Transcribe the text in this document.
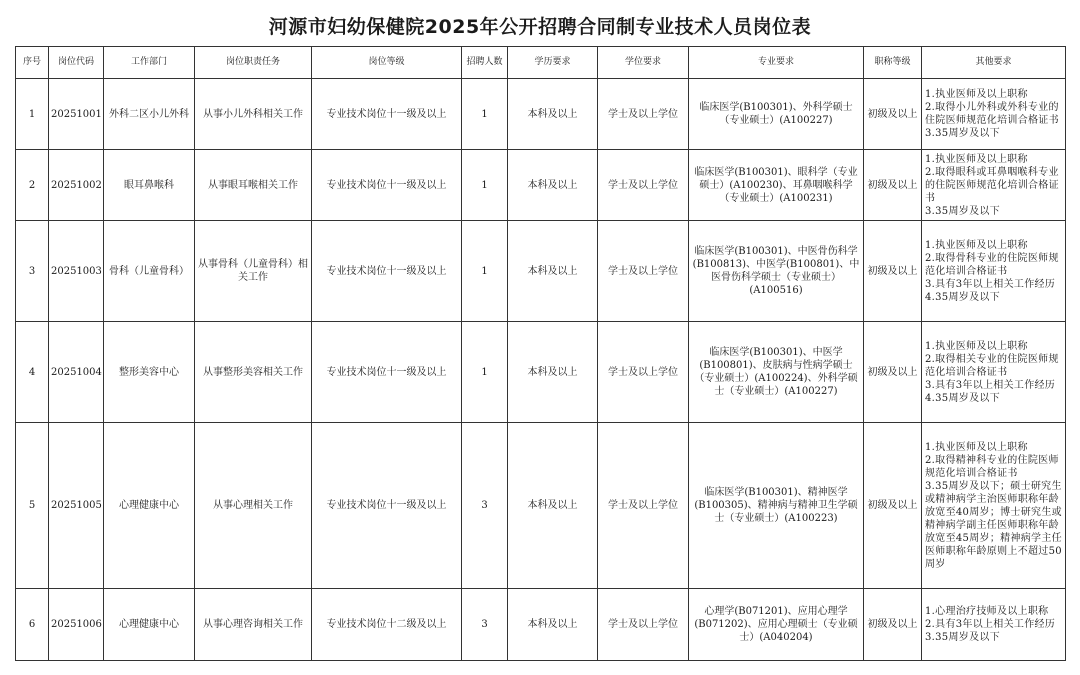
河源市妇幼保健院2025年公开招聘合同制专业技术人员岗位表
序号	岗位代码	工作部门	岗位职责任务	岗位等级	招聘人数	学历要求	学位要求	专业要求	职称等级	其他要求
1	20251001	外科二区小儿外科	从事小儿外科相关工作	专业技术岗位十一级及以上	1	本科及以上	学士及以上学位	临床医学(B100301)、外科学硕士（专业硕士）(A100227)	初级及以上	1.执业医师及以上职称
2.取得小儿外科或外科专业的住院医师规范化培训合格证书
3.35周岁及以下

2	20251002	眼耳鼻喉科	从事眼耳喉相关工作	专业技术岗位十一级及以上	1	本科及以上	学士及以上学位	临床医学(B100301)、眼科学（专业硕士）(A100230)、耳鼻咽喉科学（专业硕士）(A100231)	初级及以上	1.执业医师及以上职称
2.取得眼科或耳鼻咽喉科专业的住院医师规范化培训合格证书
3.35周岁及以下

3	20251003	骨科（儿童骨科）	从事骨科（儿童骨科）相关工作	专业技术岗位十一级及以上	1	本科及以上	学士及以上学位	临床医学(B100301)、中医骨伤科学(B100813)、中医学(B100801)、中医骨伤科学硕士（专业硕士）(A100516)	初级及以上	1.执业医师及以上职称
2.取得骨科专业的住院医师规范化培训合格证书
3.具有3年以上相关工作经历
4.35周岁及以下

4	20251004	整形美容中心	从事整形美容相关工作	专业技术岗位十一级及以上	1	本科及以上	学士及以上学位	临床医学(B100301)、中医学(B100801)、皮肤病与性病学硕士（专业硕士）(A100224)、外科学硕士（专业硕士）(A100227)	初级及以上	1.执业医师及以上职称
2.取得相关专业的住院医师规范化培训合格证书
3.具有3年以上相关工作经历
4.35周岁及以下

5	20251005	心理健康中心	从事心理相关工作	专业技术岗位十一级及以上	3	本科及以上	学士及以上学位	临床医学(B100301)、精神医学(B100305)、精神病与精神卫生学硕士（专业硕士）(A100223)	初级及以上	1.执业医师及以上职称
2.取得精神科专业的住院医师规范化培训合格证书
3.35周岁及以下；硕士研究生或精神病学主治医师职称年龄放宽至40周岁；博士研究生或精神病学副主任医师职称年龄放宽至45周岁；精神病学主任医师职称年龄原则上不超过50周岁

6	20251006	心理健康中心	从事心理咨询相关工作	专业技术岗位十二级及以上	3	本科及以上	学士及以上学位	心理学(B071201)、应用心理学(B071202)、应用心理硕士（专业硕士）(A040204)	初级及以上	1.心理治疗技师及以上职称
2.具有3年以上相关工作经历
3.35周岁及以下
